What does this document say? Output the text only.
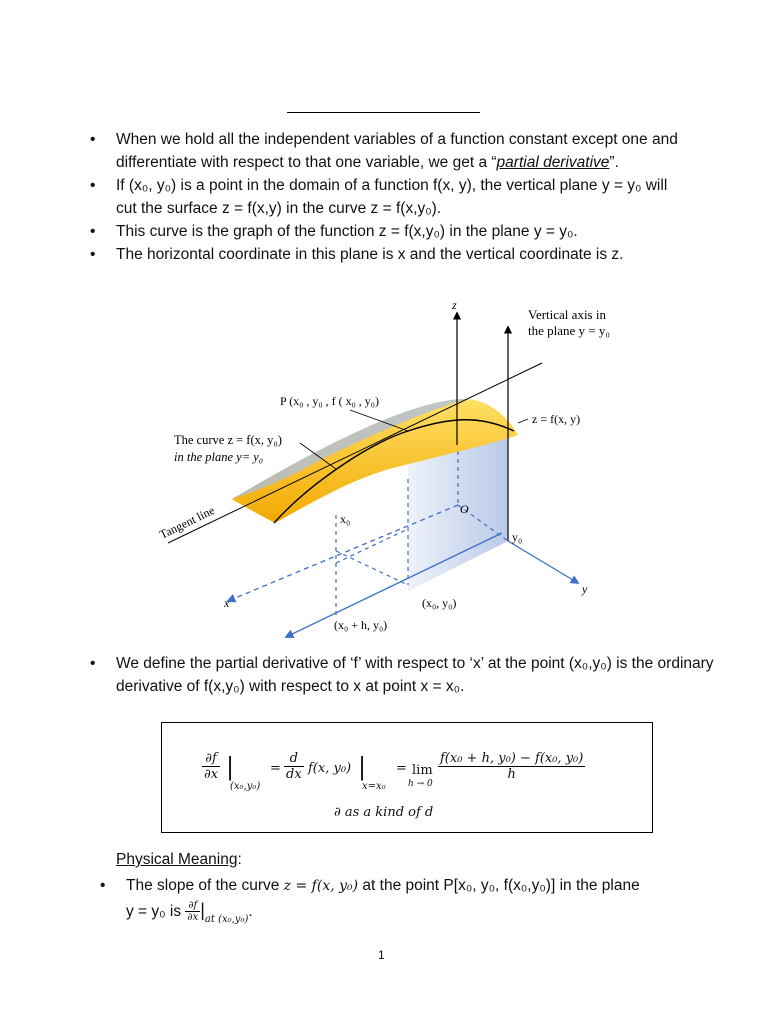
• When we hold all the independent variables of a function constant except one and differentiate with respect to that one variable, we get a “partial derivative”.
• If (x₀, y₀) is a point in the domain of a function f(x, y), the vertical plane y = y₀ will cut the surface z = f(x,y) in the curve z = f(x,y₀).
• This curve is the graph of the function z = f(x,y₀) in the plane y = y₀.
• The horizontal coordinate in this plane is x and the vertical coordinate is z.
z
Vertical axis in
the plane y = y₀
P (x₀ , y₀ , f ( x₀ , y₀)
z = f(x, y)
The curve z = f(x, y₀)
in the plane y= y₀
Tangent line	x₀
O
y₀
x
y
(x₀, y₀)
(x₀ + h, y₀)
• We define the partial derivative of ‘f’ with respect to ‘x’ at the point (x₀,y₀) is the ordinary derivative of f(x,y₀) with respect to x at point x = x₀.
$\frac{\partial f}{\partial x}$ |
(x₀,y₀)
= $\frac{d}{dx} f(x$, y₀) |
x=x₀
= lim
h → 0
$\frac{\text{f(x₀ + h, y₀) − f(x₀, y₀)}}{h}$
∂ as a kind of d
Physical Meaning:
• The slope of the curve z = f(x, y₀) at the point P[x₀, y₀, f(x₀,y₀)] in the plane
y = y₀ is $\frac{\partial f}{\partial x} |_{at (x_0,y_0)}$.
1
